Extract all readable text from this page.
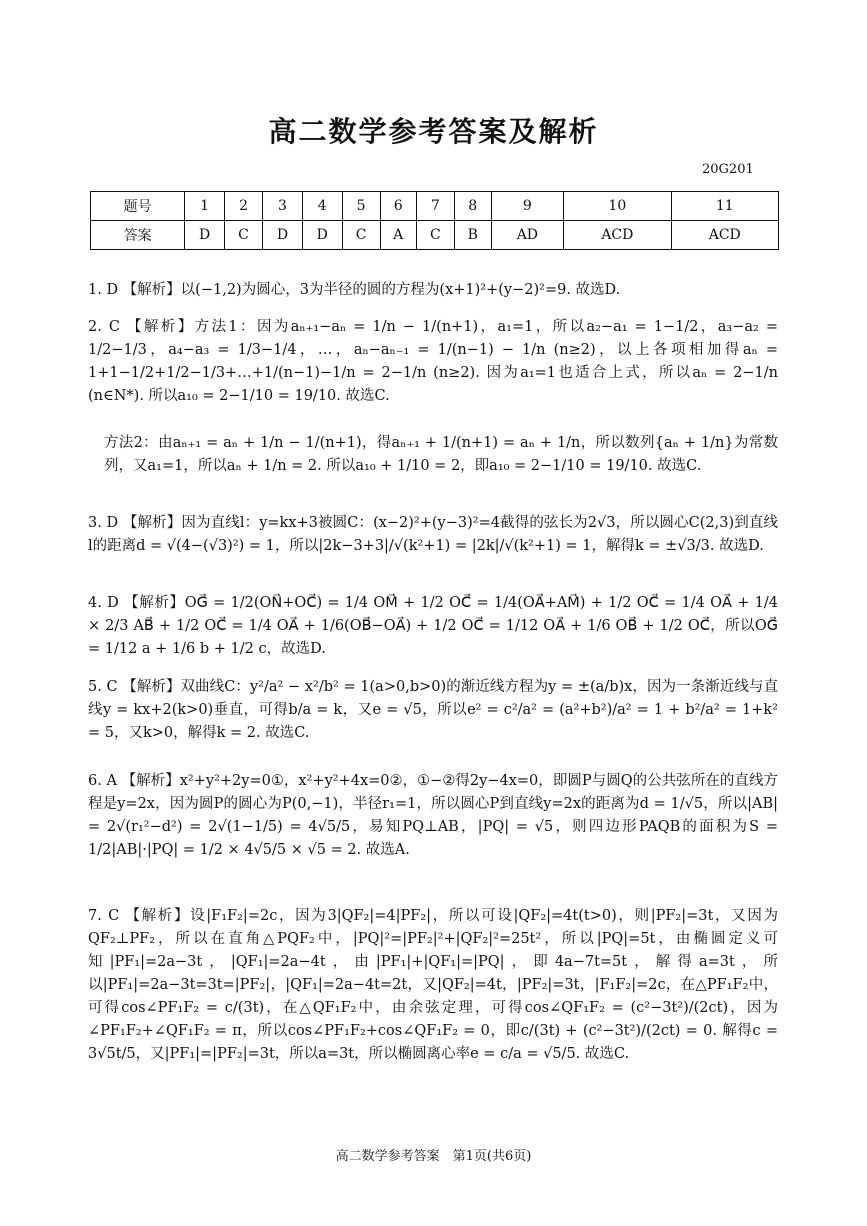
高二数学参考答案及解析
20G201
题号	1	2	3	4	5	6	7	8	9	10	11
答案	D	C	D	D	C	A	C	B	AD	ACD	ACD
1. D 【解析】以(−1,2)为圆心，3为半径的圆的方程为(x+1)²+(y−2)²=9. 故选D.
2. C 【解析】方法1：因为aₙ₊₁−aₙ = 1/n − 1/(n+1)，a₁=1，所以a₂−a₁ = 1−1/2，a₃−a₂ = 1/2−1/3，a₄−a₃ = 1/3−1/4，…，aₙ−aₙ₋₁ = 1/(n−1) − 1/n (n≥2)，以上各项相加得aₙ = 1+1−1/2+1/2−1/3+…+1/(n−1)−1/n = 2−1/n (n≥2). 因为a₁=1也适合上式，所以aₙ = 2−1/n (n∈N*). 所以a₁₀ = 2−1/10 = 19/10. 故选C.
方法2：由aₙ₊₁ = aₙ + 1/n − 1/(n+1)，得aₙ₊₁ + 1/(n+1) = aₙ + 1/n，所以数列{aₙ + 1/n}为常数列，又a₁=1，所以aₙ + 1/n = 2. 所以a₁₀ + 1/10 = 2，即a₁₀ = 2−1/10 = 19/10. 故选C.
3. D 【解析】因为直线l：y=kx+3被圆C：(x−2)²+(y−3)²=4截得的弦长为2√3，所以圆心C(2,3)到直线l的距离d = √(4−(√3)²) = 1，所以|2k−3+3|/√(k²+1) = |2k|/√(k²+1) = 1，解得k = ±√3/3. 故选D.
4. D 【解析】OG⃗ = 1/2(ON⃗+OC⃗) = 1/4 OM⃗ + 1/2 OC⃗ = 1/4(OA⃗+AM⃗) + 1/2 OC⃗ = 1/4 OA⃗ + 1/4 × 2/3 AB⃗ + 1/2 OC⃗ = 1/4 OA⃗ + 1/6(OB⃗−OA⃗) + 1/2 OC⃗ = 1/12 OA⃗ + 1/6 OB⃗ + 1/2 OC⃗，所以OG⃗ = 1/12 a + 1/6 b + 1/2 c，故选D.
5. C 【解析】双曲线C：y²/a² − x²/b² = 1(a>0,b>0)的渐近线方程为y = ±(a/b)x，因为一条渐近线与直线y = kx+2(k>0)垂直，可得b/a = k，又e = √5，所以e² = c²/a² = (a²+b²)/a² = 1 + b²/a² = 1+k² = 5，又k>0，解得k = 2. 故选C.
6. A 【解析】x²+y²+2y=0①，x²+y²+4x=0②，①−②得2y−4x=0，即圆P与圆Q的公共弦所在的直线方程是y=2x，因为圆P的圆心为P(0,−1)，半径r₁=1，所以圆心P到直线y=2x的距离为d = 1/√5，所以|AB| = 2√(r₁²−d²) = 2√(1−1/5) = 4√5/5，易知PQ⊥AB，|PQ| = √5，则四边形PAQB的面积为S = 1/2|AB|·|PQ| = 1/2 × 4√5/5 × √5 = 2. 故选A.
7. C 【解析】设|F₁F₂|=2c，因为3|QF₂|=4|PF₂|，所以可设|QF₂|=4t(t>0)，则|PF₂|=3t，又因为QF₂⊥PF₂，所以在直角△PQF₂中，|PQ|²=|PF₂|²+|QF₂|²=25t²，所以|PQ|=5t，由椭圆定义可知|PF₁|=2a−3t，|QF₁|=2a−4t，由|PF₁|+|QF₁|=|PQ|，即4a−7t=5t，解得a=3t，所以|PF₁|=2a−3t=3t=|PF₂|，|QF₁|=2a−4t=2t，又|QF₂|=4t，|PF₂|=3t，|F₁F₂|=2c，在△PF₁F₂中，可得cos∠PF₁F₂ = c/(3t)，在△QF₁F₂中，由余弦定理，可得cos∠QF₁F₂ = (c²−3t²)/(2ct)，因为∠PF₁F₂+∠QF₁F₂ = π，所以cos∠PF₁F₂+cos∠QF₁F₂ = 0，即c/(3t) + (c²−3t²)/(2ct) = 0. 解得c = 3√5t/5，又|PF₁|=|PF₂|=3t，所以a=3t，所以椭圆离心率e = c/a = √5/5. 故选C.
高二数学参考答案　第1页(共6页)
